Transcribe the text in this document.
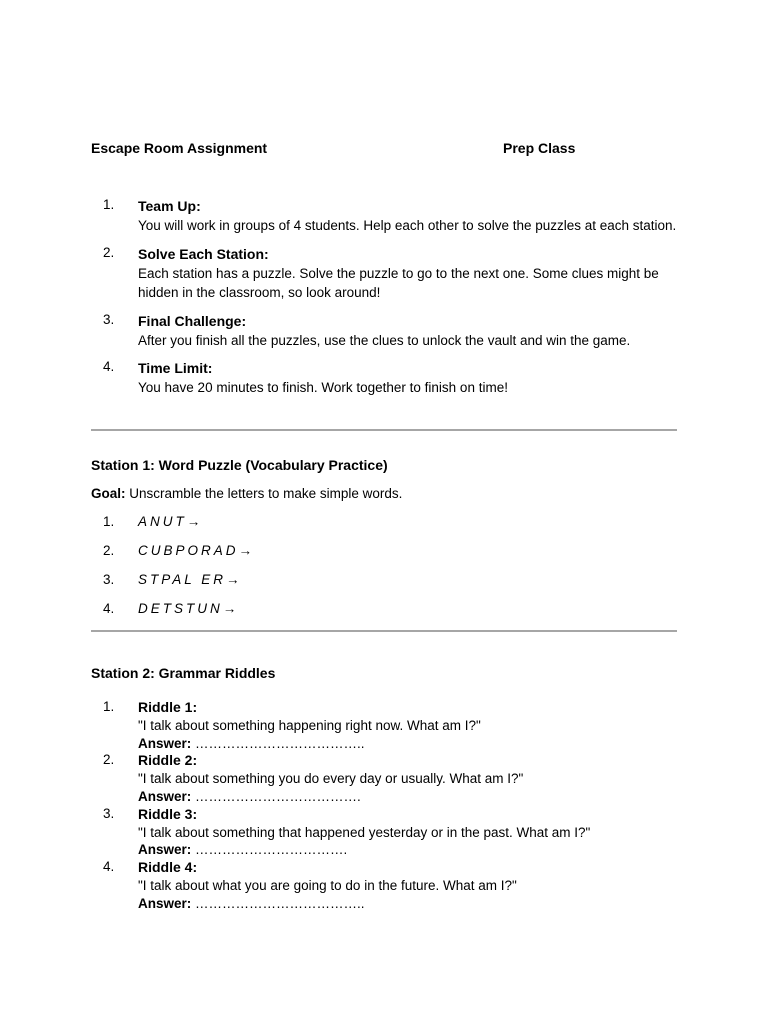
Escape Room Assignment	Prep Class
1.	Team Up:
You will work in groups of 4 students. Help each other to solve the puzzles at each station.
2.	Solve Each Station:
Each station has a puzzle. Solve the puzzle to go to the next one. Some clues might be hidden in the classroom, so look around!
3.	Final Challenge:
After you finish all the puzzles, use the clues to unlock the vault and win the game.
4.	Time Limit:
You have 20 minutes to finish. Work together to finish on time!
Station 1: Word Puzzle (Vocabulary Practice)
Goal: Unscramble the letters to make simple words.
1.	ANUT→
2.	CUBPORAD→
3.	STPAL ER→
4.	DETSTUN→
Station 2: Grammar Riddles
1.	Riddle 1:
"I talk about something happening right now. What am I?"
Answer: ………………………………..
2.	Riddle 2:
"I talk about something you do every day or usually. What am I?"
Answer: ……………………………….
3.	Riddle 3:
"I talk about something that happened yesterday or in the past. What am I?"
Answer: …………………………….
4.	Riddle 4:
"I talk about what you are going to do in the future. What am I?"
Answer: ………………………………..
